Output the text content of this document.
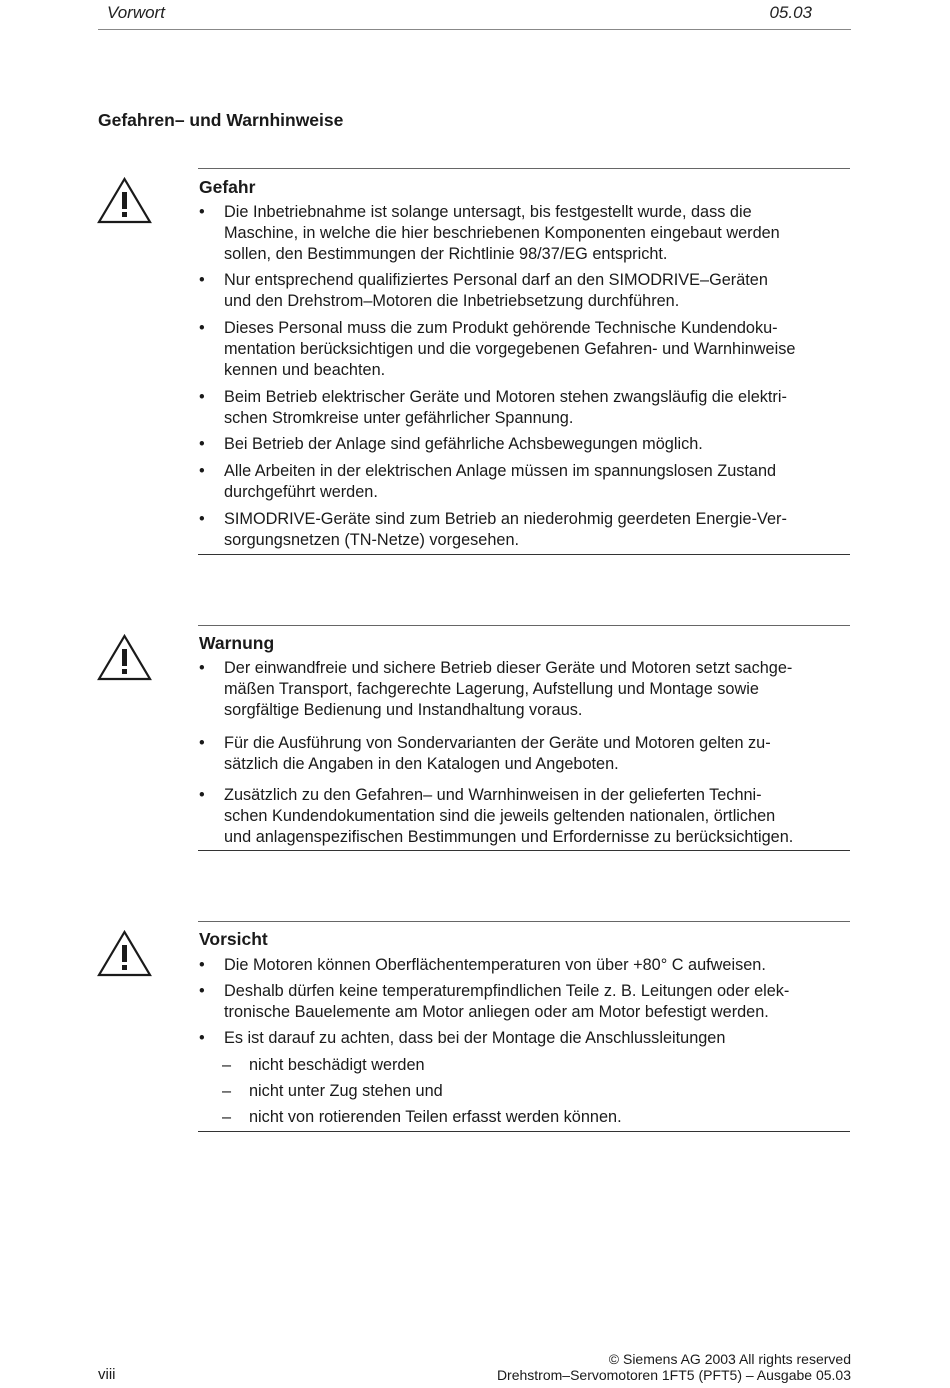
Vorwort	05.03
Gefahren– und Warnhinweise
Gefahr
•	Die Inbetriebnahme ist solange untersagt, bis festgestellt wurde, dass die
Maschine, in welche die hier beschriebenen Komponenten eingebaut werden
sollen, den Bestimmungen der Richtlinie 98/37/EG entspricht.
•	Nur entsprechend qualifiziertes Personal darf an den SIMODRIVE–Geräten
und den Drehstrom–Motoren die Inbetriebsetzung durchführen.
•	Dieses Personal muss die zum Produkt gehörende Technische Kundendoku-
mentation berücksichtigen und die vorgegebenen Gefahren- und Warnhinweise
kennen und beachten.
•	Beim Betrieb elektrischer Geräte und Motoren stehen zwangsläufig die elektri-
schen Stromkreise unter gefährlicher Spannung.
•	Bei Betrieb der Anlage sind gefährliche Achsbewegungen möglich.
•	Alle Arbeiten in der elektrischen Anlage müssen im spannungslosen Zustand
durchgeführt werden.
•	SIMODRIVE-Geräte sind zum Betrieb an niederohmig geerdeten Energie-Ver-
sorgungsnetzen (TN-Netze) vorgesehen.
Warnung
•	Der einwandfreie und sichere Betrieb dieser Geräte und Motoren setzt sachge-
mäßen Transport, fachgerechte Lagerung, Aufstellung und Montage sowie
sorgfältige Bedienung und Instandhaltung voraus.
•	Für die Ausführung von Sondervarianten der Geräte und Motoren gelten zu-
sätzlich die Angaben in den Katalogen und Angeboten.
•	Zusätzlich zu den Gefahren– und Warnhinweisen in der gelieferten Techni-
schen Kundendokumentation sind die jeweils geltenden nationalen, örtlichen
und anlagenspezifischen Bestimmungen und Erfordernisse zu berücksichtigen.
Vorsicht
•	Die Motoren können Oberflächentemperaturen von über +80° C aufweisen.
•	Deshalb dürfen keine temperaturempfindlichen Teile z. B. Leitungen oder elek-
tronische Bauelemente am Motor anliegen oder am Motor befestigt werden.
•	Es ist darauf zu achten, dass bei der Montage die Anschlussleitungen
– nicht beschädigt werden
– nicht unter Zug stehen und
– nicht von rotierenden Teilen erfasst werden können.
viii
© Siemens AG 2003 All rights reserved
Drehstrom–Servomotoren 1FT5 (PFT5) – Ausgabe 05.03
